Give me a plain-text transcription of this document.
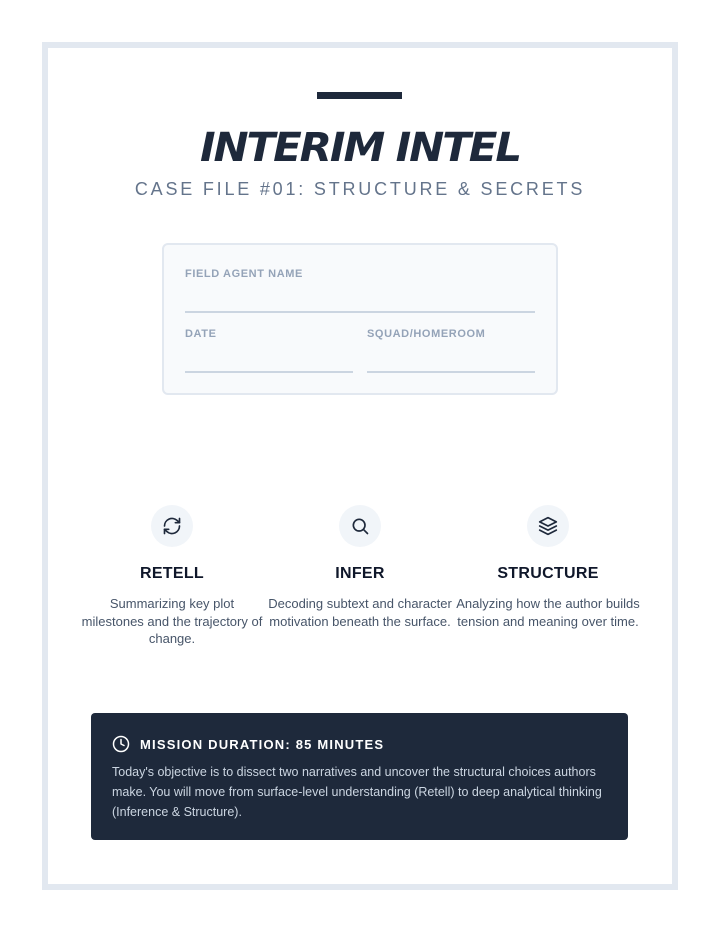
INTERIM INTEL
CASE FILE #01: STRUCTURE & SECRETS
FIELD AGENT NAME
DATE	SQUAD/HOMEROOM
RETELL
Summarizing key plot milestones and the trajectory of change.
INFER
Decoding subtext and character motivation beneath the surface.
STRUCTURE
Analyzing how the author builds tension and meaning over time.
MISSION DURATION: 85 MINUTES
Today's objective is to dissect two narratives and uncover the structural choices authors make. You will move from surface-level understanding (Retell) to deep analytical thinking (Inference & Structure).
